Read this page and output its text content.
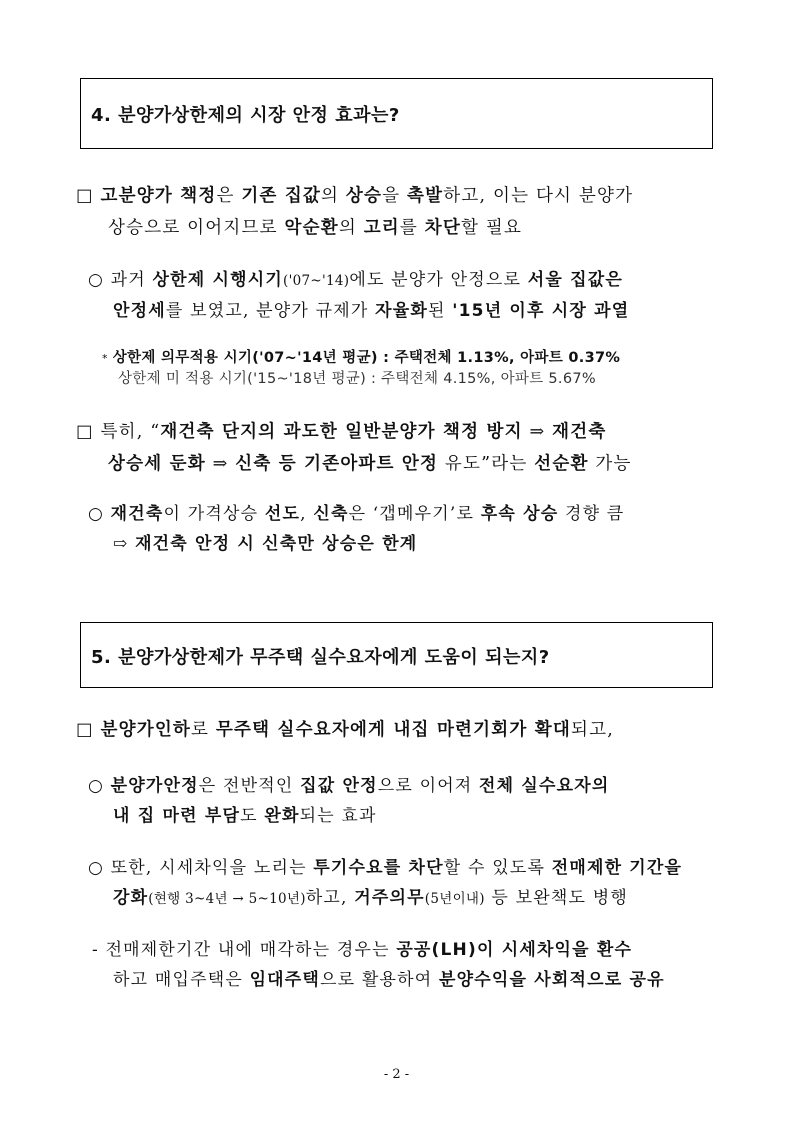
4. 분양가상한제의 시장 안정 효과는?
□ 고분양가 책정은 기존 집값의 상승을 촉발하고, 이는 다시 분양가
상승으로 이어지므로 악순환의 고리를 차단할 필요
○ 과거 상한제 시행시기('07~'14)에도 분양가 안정으로 서울 집값은
안정세를 보였고, 분양가 규제가 자율화된 '15년 이후 시장 과열
* 상한제 의무적용 시기('07~'14년 평균) : 주택전체 1.13%, 아파트 0.37%
상한제 미 적용 시기('15~'18년 평균) : 주택전체 4.15%, 아파트 5.67%
□ 특히, “재건축 단지의 과도한 일반분양가 책정 방지 ⇒ 재건축
상승세 둔화 ⇒ 신축 등 기존아파트 안정 유도”라는 선순환 가능
○ 재건축이 가격상승 선도, 신축은 ‘갭메우기’로 후속 상승 경향 큼
⇨ 재건축 안정 시 신축만 상승은 한계
5. 분양가상한제가 무주택 실수요자에게 도움이 되는지?
□ 분양가인하로 무주택 실수요자에게 내집 마련기회가 확대되고,
○ 분양가안정은 전반적인 집값 안정으로 이어져 전체 실수요자의
내 집 마련 부담도 완화되는 효과
○ 또한, 시세차익을 노리는 투기수요를 차단할 수 있도록 전매제한 기간을
강화(현행 3~4년 → 5~10년)하고, 거주의무(5년이내) 등 보완책도 병행
- 전매제한기간 내에 매각하는 경우는 공공(LH)이 시세차익을 환수
하고 매입주택은 임대주택으로 활용하여 분양수익을 사회적으로 공유
- 2 -
